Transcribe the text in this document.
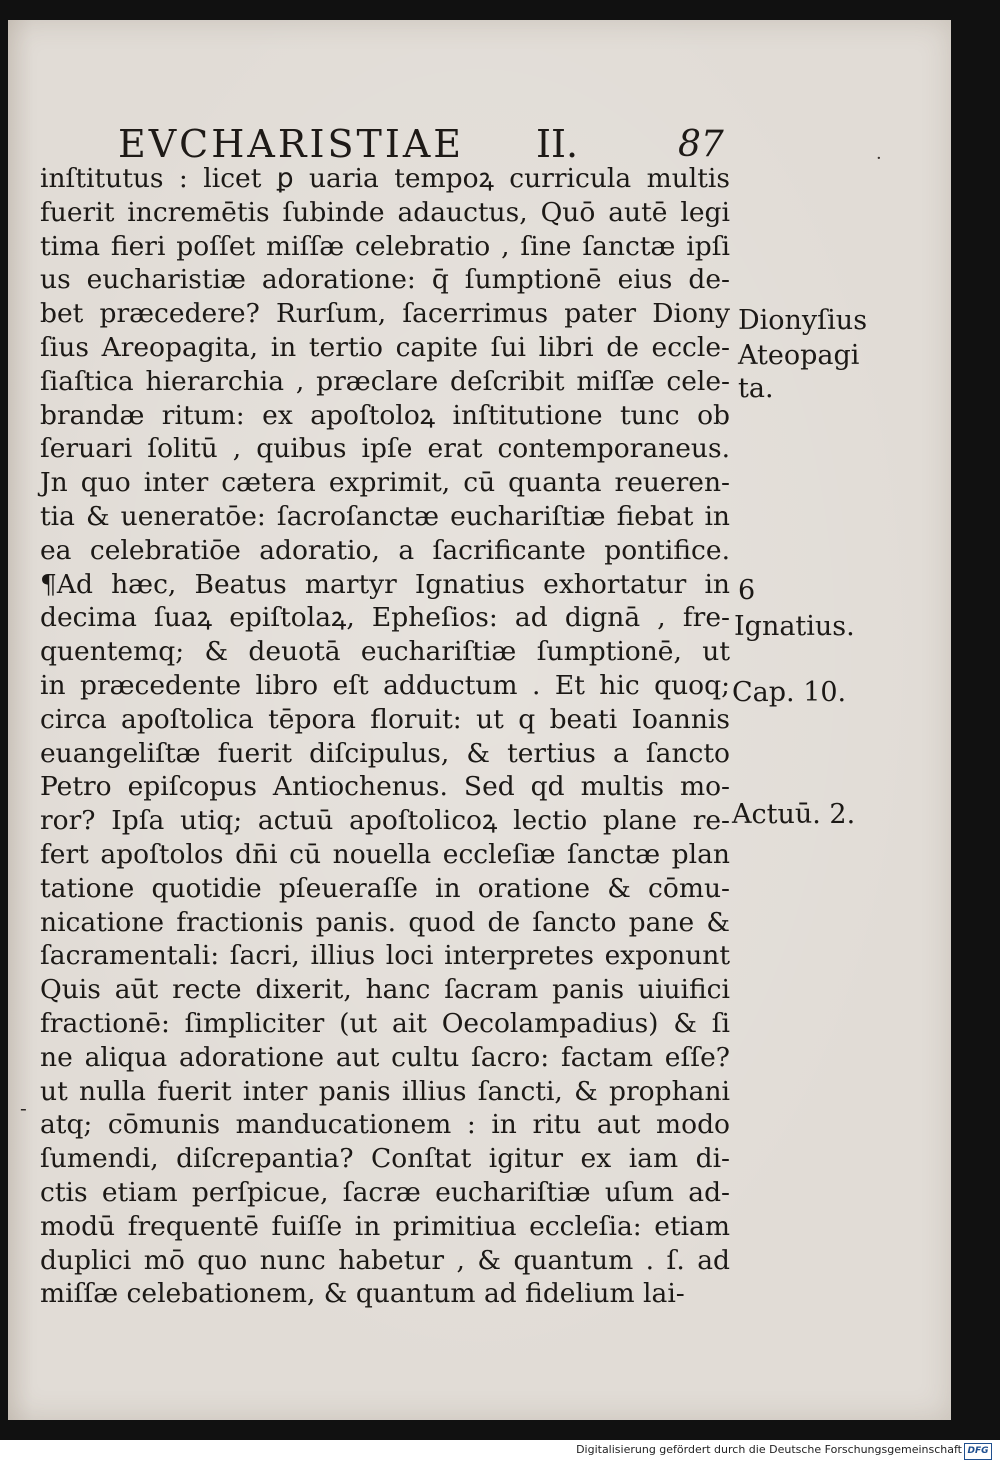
EVCHARISTIAE II.	87	·
inſtitutus : licet ꝑ uaria tempoꝝ curricula multis
fuerit incremētis ſubinde adauctus, Quō autē legi
tima fieri poſſet miſſæ celebratio , ſine ſanctæ ipſi
us eucharistiæ adoratione: q̄ ſumptionē eius de-
bet præcedere? Rurſum, ſacerrimus pater Diony
ſius Areopagita, in tertio capite ſui libri de eccle-
ſiaſtica hierarchia , præclare deſcribit miſſæ cele-
brandæ ritum: ex apoſtoloꝝ inſtitutione tunc ob
ſeruari ſolitū , quibus ipſe erat contemporaneus.
Jn quo inter cætera exprimit, cū quanta reueren-
tia & ueneratōe: ſacroſanctæ euchariſtiæ fiebat in
ea celebratiōe adoratio, a ſacrificante pontifice.
¶Ad hæc, Beatus martyr Ignatius exhortatur in
decima ſuaꝝ epiſtolaꝝ, Epheſios: ad dignā , fre-
quentemq; & deuotā euchariſtiæ ſumptionē, ut
in præcedente libro eſt adductum . Et hic quoq;
circa apoſtolica tēpora floruit: ut q beati Ioannis
euangeliſtæ fuerit diſcipulus, & tertius a ſancto
Petro epiſcopus Antiochenus. Sed qd multis mo-
ror? Ipſa utiq; actuū apoſtolicoꝝ lectio plane re-
fert apoſtolos dn̄i cū nouella eccleſiæ ſanctæ plan
tatione quotidie pſeueraſſe in oratione & cōmu-
nicatione fractionis panis. quod de ſancto pane &
ſacramentali: ſacri, illius loci interpretes exponunt
Quis aūt recte dixerit, hanc ſacram panis uiuifici
fractionē: ſimpliciter (ut ait Oecolampadius) & ſi
ne aliqua adoratione aut cultu ſacro: factam eſſe?
ut nulla fuerit inter panis illius ſancti, & prophani
atq; cōmunis manducationem : in ritu aut modo
ſumendi, diſcrepantia? Conſtat igitur ex iam di-
ctis etiam perſpicue, ſacræ euchariſtiæ uſum ad-
modū frequentē fuiſſe in primitiua eccleſia: etiam
duplici mō quo nunc habetur , & quantum . ſ. ad
miſſæ celebationem, & quantum ad fidelium lai-
Dionyſius
Ateopagi
ta.
6
Ignatius.
Cap. 10.
Actuū. 2.
-
Digitalisierung gefördert durch die Deutsche Forschungsgemeinschaft DFG
